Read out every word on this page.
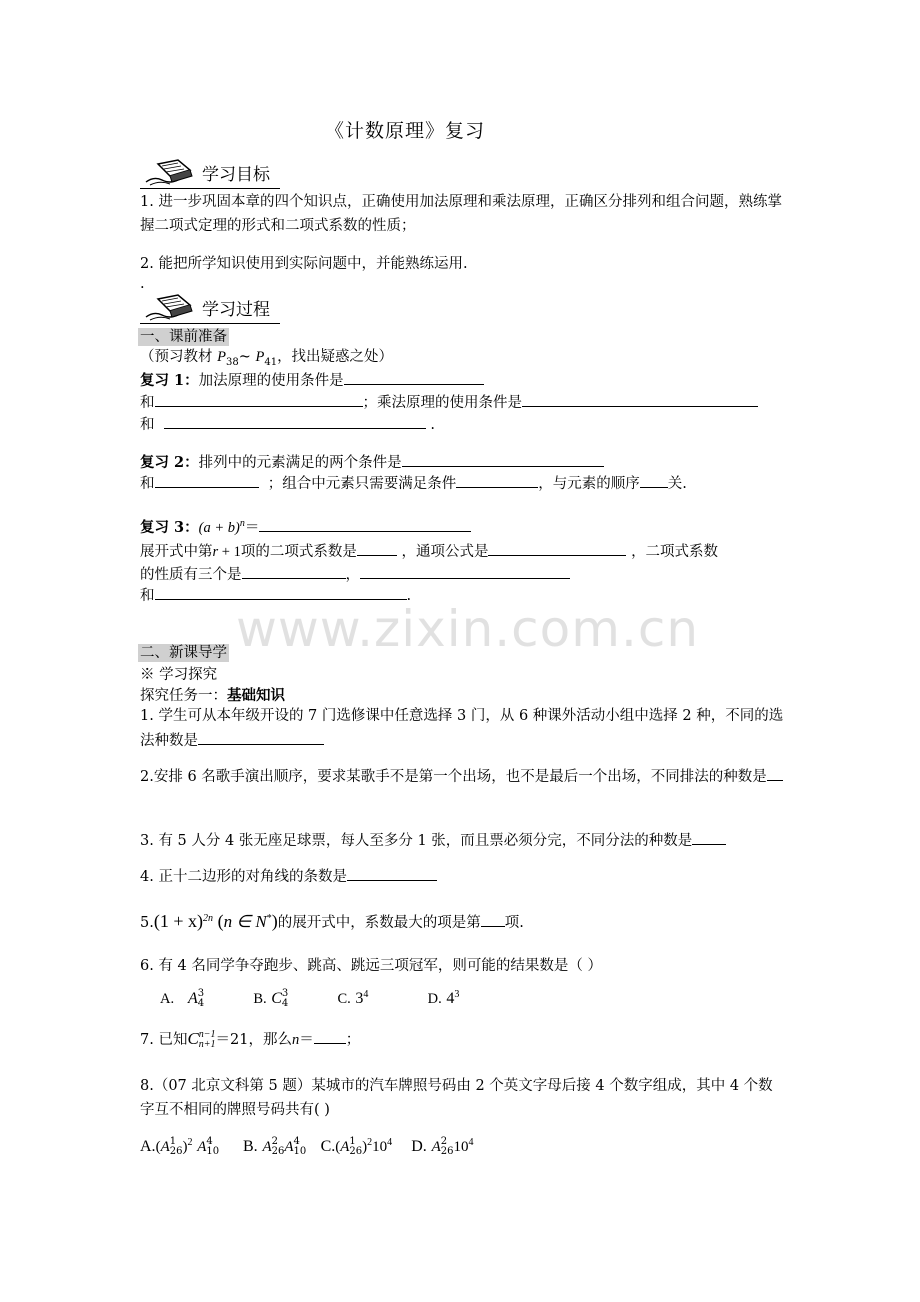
《计数原理》复习
学习目标
1. 进一步巩固本章的四个知识点，正确使用加法原理和乘法原理，正确区分排列和组合问题，熟练掌握二项式定理的形式和二项式系数的性质；
2. 能把所学知识使用到实际问题中，并能熟练运用.
.
学习过程
一、课前准备
（预习教材 $P_{38}\sim$ $P_{41}$，找出疑惑之处）
复习 1：加法原理的使用条件是
和	；乘法原理的使用条件是
和	.
复习 2：排列中的元素满足的两个条件是
和	；组合中元素只需要满足条件	，与元素的顺序 关.
复习 3：$(a + b)^n=$
展开式中第r + 1项的二项式系数是	，通项公式是	，二项式系数
的性质有三个是	，
和	.
www.zixin.com.cn
二、新课导学
※ 学习探究
探究任务一：基础知识
1. 学生可从本年级开设的 7 门选修课中任意选择 3 门，从 6 种课外活动小组中选择 2 种，不同的选法种数是
2.安排 6 名歌手演出顺序，要求某歌手不是第一个出场，也不是最后一个出场，不同排法的种数是
3. 有 5 人分 4 张无座足球票，每人至多分 1 张，而且票必须分完，不同分法的种数是
4. 正十二边形的对角线的条数是
$5.(1 + x)^{2n}$ (n ∈ N*)的展开式中，系数最大的项是第 项.
6. 有 4 名同学争夺跑步、跳高、跳远三项冠军，则可能的结果数是（ ）
A. A 3
4	B. C 3
4	C. $3^4$	D. $4^3$
7. 已知C n−1
n+1 ＝21，那么n＝ ；
8.（07 北京文科第 5 题）某城市的汽车牌照号码由 2 个英文字母后接 4 个数字组成，其中 4 个数字互不相同的牌照号码共有( )
A.(A 1
26 )$^2$ A 4
10 B. A 2
26 A 4
10 C.(A 1
26 )$^210^4$ D. A 2
26 $10^4$
